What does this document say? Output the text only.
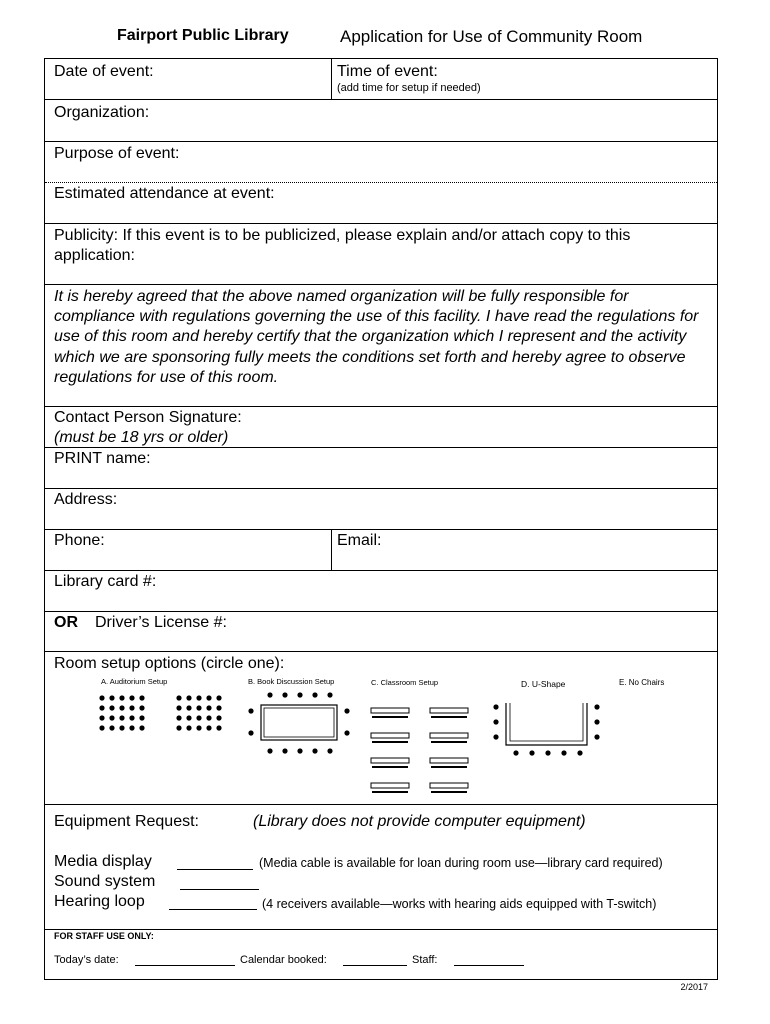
Fairport Public Library	Application for Use of Community Room
Date of event:	Time of event:
(add time for setup if needed)
Organization:
Purpose of event:
Estimated attendance at event:
Publicity: If this event is to be publicized, please explain and/or attach copy to this
application:
It is hereby agreed that the above named organization will be fully responsible for compliance with regulations governing the use of this facility. I have read the regulations for use of this room and hereby certify that the organization which I represent and the activity which we are sponsoring fully meets the conditions set forth and hereby agree to observe regulations for use of this room.
Contact Person Signature:
(must be 18 yrs or older)
PRINT name:
Address:
Phone:	Email:
Library card #:
OR Driver’s License #:
Room setup options (circle one):
A. Auditorium Setup	B. Book Discussion Setup	C. Classroom Setup	D. U-Shape	E. No Chairs
Equipment Request:	(Library does not provide computer equipment)
Media display	(Media cable is available for loan during room use—library card required)
Sound system
Hearing loop	(4 receivers available—works with hearing aids equipped with T-switch)
FOR STAFF USE ONLY:
Today’s date:	Calendar booked:	Staff:
2/2017
